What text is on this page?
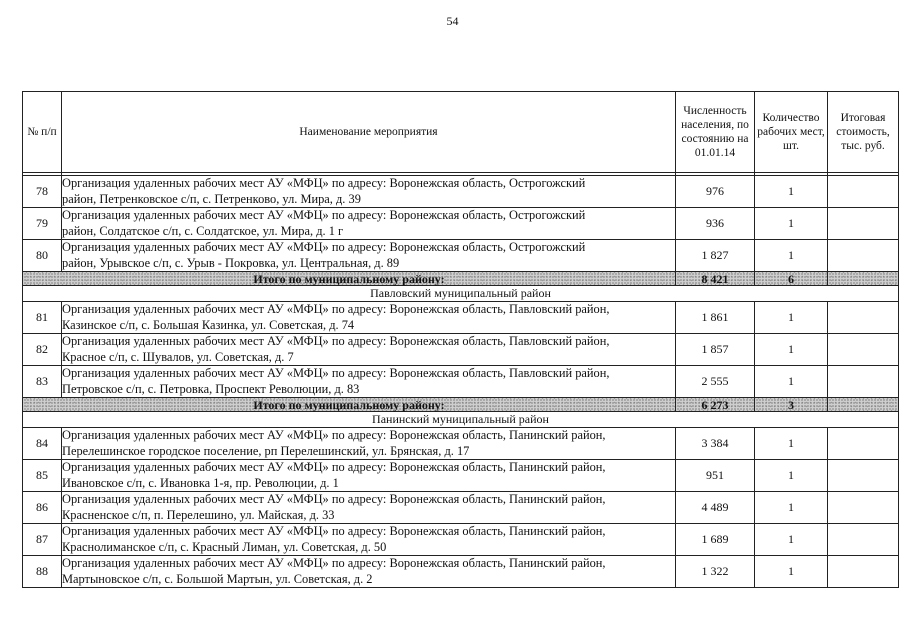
54
№ п/п	Наименование мероприятия	Численность населения, по состоянию на 01.01.14	Количество рабочих мест, шт.	Итоговая стоимость, тыс. руб.

78	Организация удаленных рабочих мест АУ «МФЦ» по адресу: Воронежская область, Острогожский
район, Петренковское с/п, с. Петренково, ул. Мира, д. 39	976	1	
79	Организация удаленных рабочих мест АУ «МФЦ» по адресу: Воронежская область, Острогожский
район, Солдатское с/п, с. Солдатское, ул. Мира, д. 1 г	936	1	
80	Организация удаленных рабочих мест АУ «МФЦ» по адресу: Воронежская область, Острогожский
район, Урывское с/п, с. Урыв - Покровка, ул. Центральная, д. 89	1 827	1	
Итого по муниципальному району:		8 421	6	
Павловский муниципальный район				
81	Организация удаленных рабочих мест АУ «МФЦ» по адресу: Воронежская область, Павловский район,
Казинское с/п, с. Большая Казинка, ул. Советская, д. 74	1 861	1	
82	Организация удаленных рабочих мест АУ «МФЦ» по адресу: Воронежская область, Павловский район,
Красное с/п, с. Шувалов, ул. Советская, д. 7	1 857	1	
83	Организация удаленных рабочих мест АУ «МФЦ» по адресу: Воронежская область, Павловский район,
Петровское с/п, с. Петровка, Проспект Революции, д. 83	2 555	1	
Итого по муниципальному району:		6 273	3	
Панинский муниципальный район				
84	Организация удаленных рабочих мест АУ «МФЦ» по адресу: Воронежская область, Панинский район,
Перелешинское городское поселение, рп Перелешинский, ул. Брянская, д. 17	3 384	1	
85	Организация удаленных рабочих мест АУ «МФЦ» по адресу: Воронежская область, Панинский район,
Ивановское с/п, с. Ивановка 1-я, пр. Революции, д. 1	951	1	
86	Организация удаленных рабочих мест АУ «МФЦ» по адресу: Воронежская область, Панинский район,
Красненское с/п, п. Перелешино, ул. Майская, д. 33	4 489	1	
87	Организация удаленных рабочих мест АУ «МФЦ» по адресу: Воронежская область, Панинский район,
Краснолиманское с/п, с. Красный Лиман, ул. Советская, д. 50	1 689	1	
88	Организация удаленных рабочих мест АУ «МФЦ» по адресу: Воронежская область, Панинский район,
Мартыновское с/п, с. Большой Мартын, ул. Советская, д. 2	1 322	1	
